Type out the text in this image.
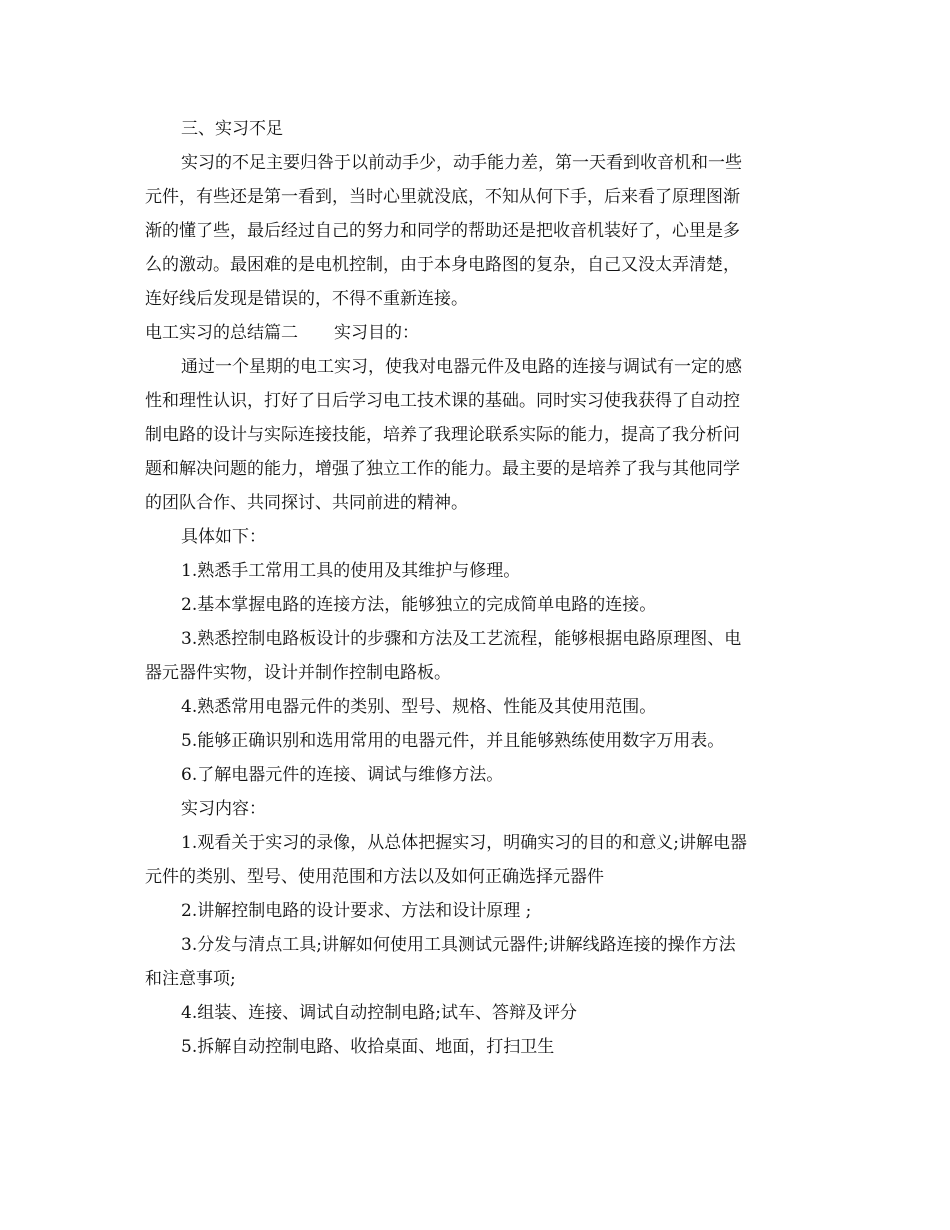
三、实习不足

实习的不足主要归咎于以前动手少，动手能力差，第一天看到收音机和一些

元件，有些还是第一看到，当时心里就没底，不知从何下手，后来看了原理图渐

渐的懂了些，最后经过自己的努力和同学的帮助还是把收音机装好了，心里是多

么的激动。最困难的是电机控制，由于本身电路图的复杂，自己又没太弄清楚，

连好线后发现是错误的，不得不重新连接。

电工实习的总结篇二 实习目的：

通过一个星期的电工实习，使我对电器元件及电路的连接与调试有一定的感

性和理性认识，打好了日后学习电工技术课的基础。同时实习使我获得了自动控

制电路的设计与实际连接技能，培养了我理论联系实际的能力，提高了我分析问

题和解决问题的能力，增强了独立工作的能力。最主要的是培养了我与其他同学

的团队合作、共同探讨、共同前进的精神。

具体如下：

1.熟悉手工常用工具的使用及其维护与修理。

2.基本掌握电路的连接方法，能够独立的完成简单电路的连接。

3.熟悉控制电路板设计的步骤和方法及工艺流程，能够根据电路原理图、电

器元器件实物，设计并制作控制电路板。

4.熟悉常用电器元件的类别、型号、规格、性能及其使用范围。

5.能够正确识别和选用常用的电器元件，并且能够熟练使用数字万用表。

6.了解电器元件的连接、调试与维修方法。

实习内容：

1.观看关于实习的录像，从总体把握实习，明确实习的目的和意义;讲解电器

元件的类别、型号、使用范围和方法以及如何正确选择元器件

2.讲解控制电路的设计要求、方法和设计原理 ;

3.分发与清点工具;讲解如何使用工具测试元器件;讲解线路连接的操作方法

和注意事项;

4.组装、连接、调试自动控制电路;试车、答辩及评分

5.拆解自动控制电路、收拾桌面、地面，打扫卫生
